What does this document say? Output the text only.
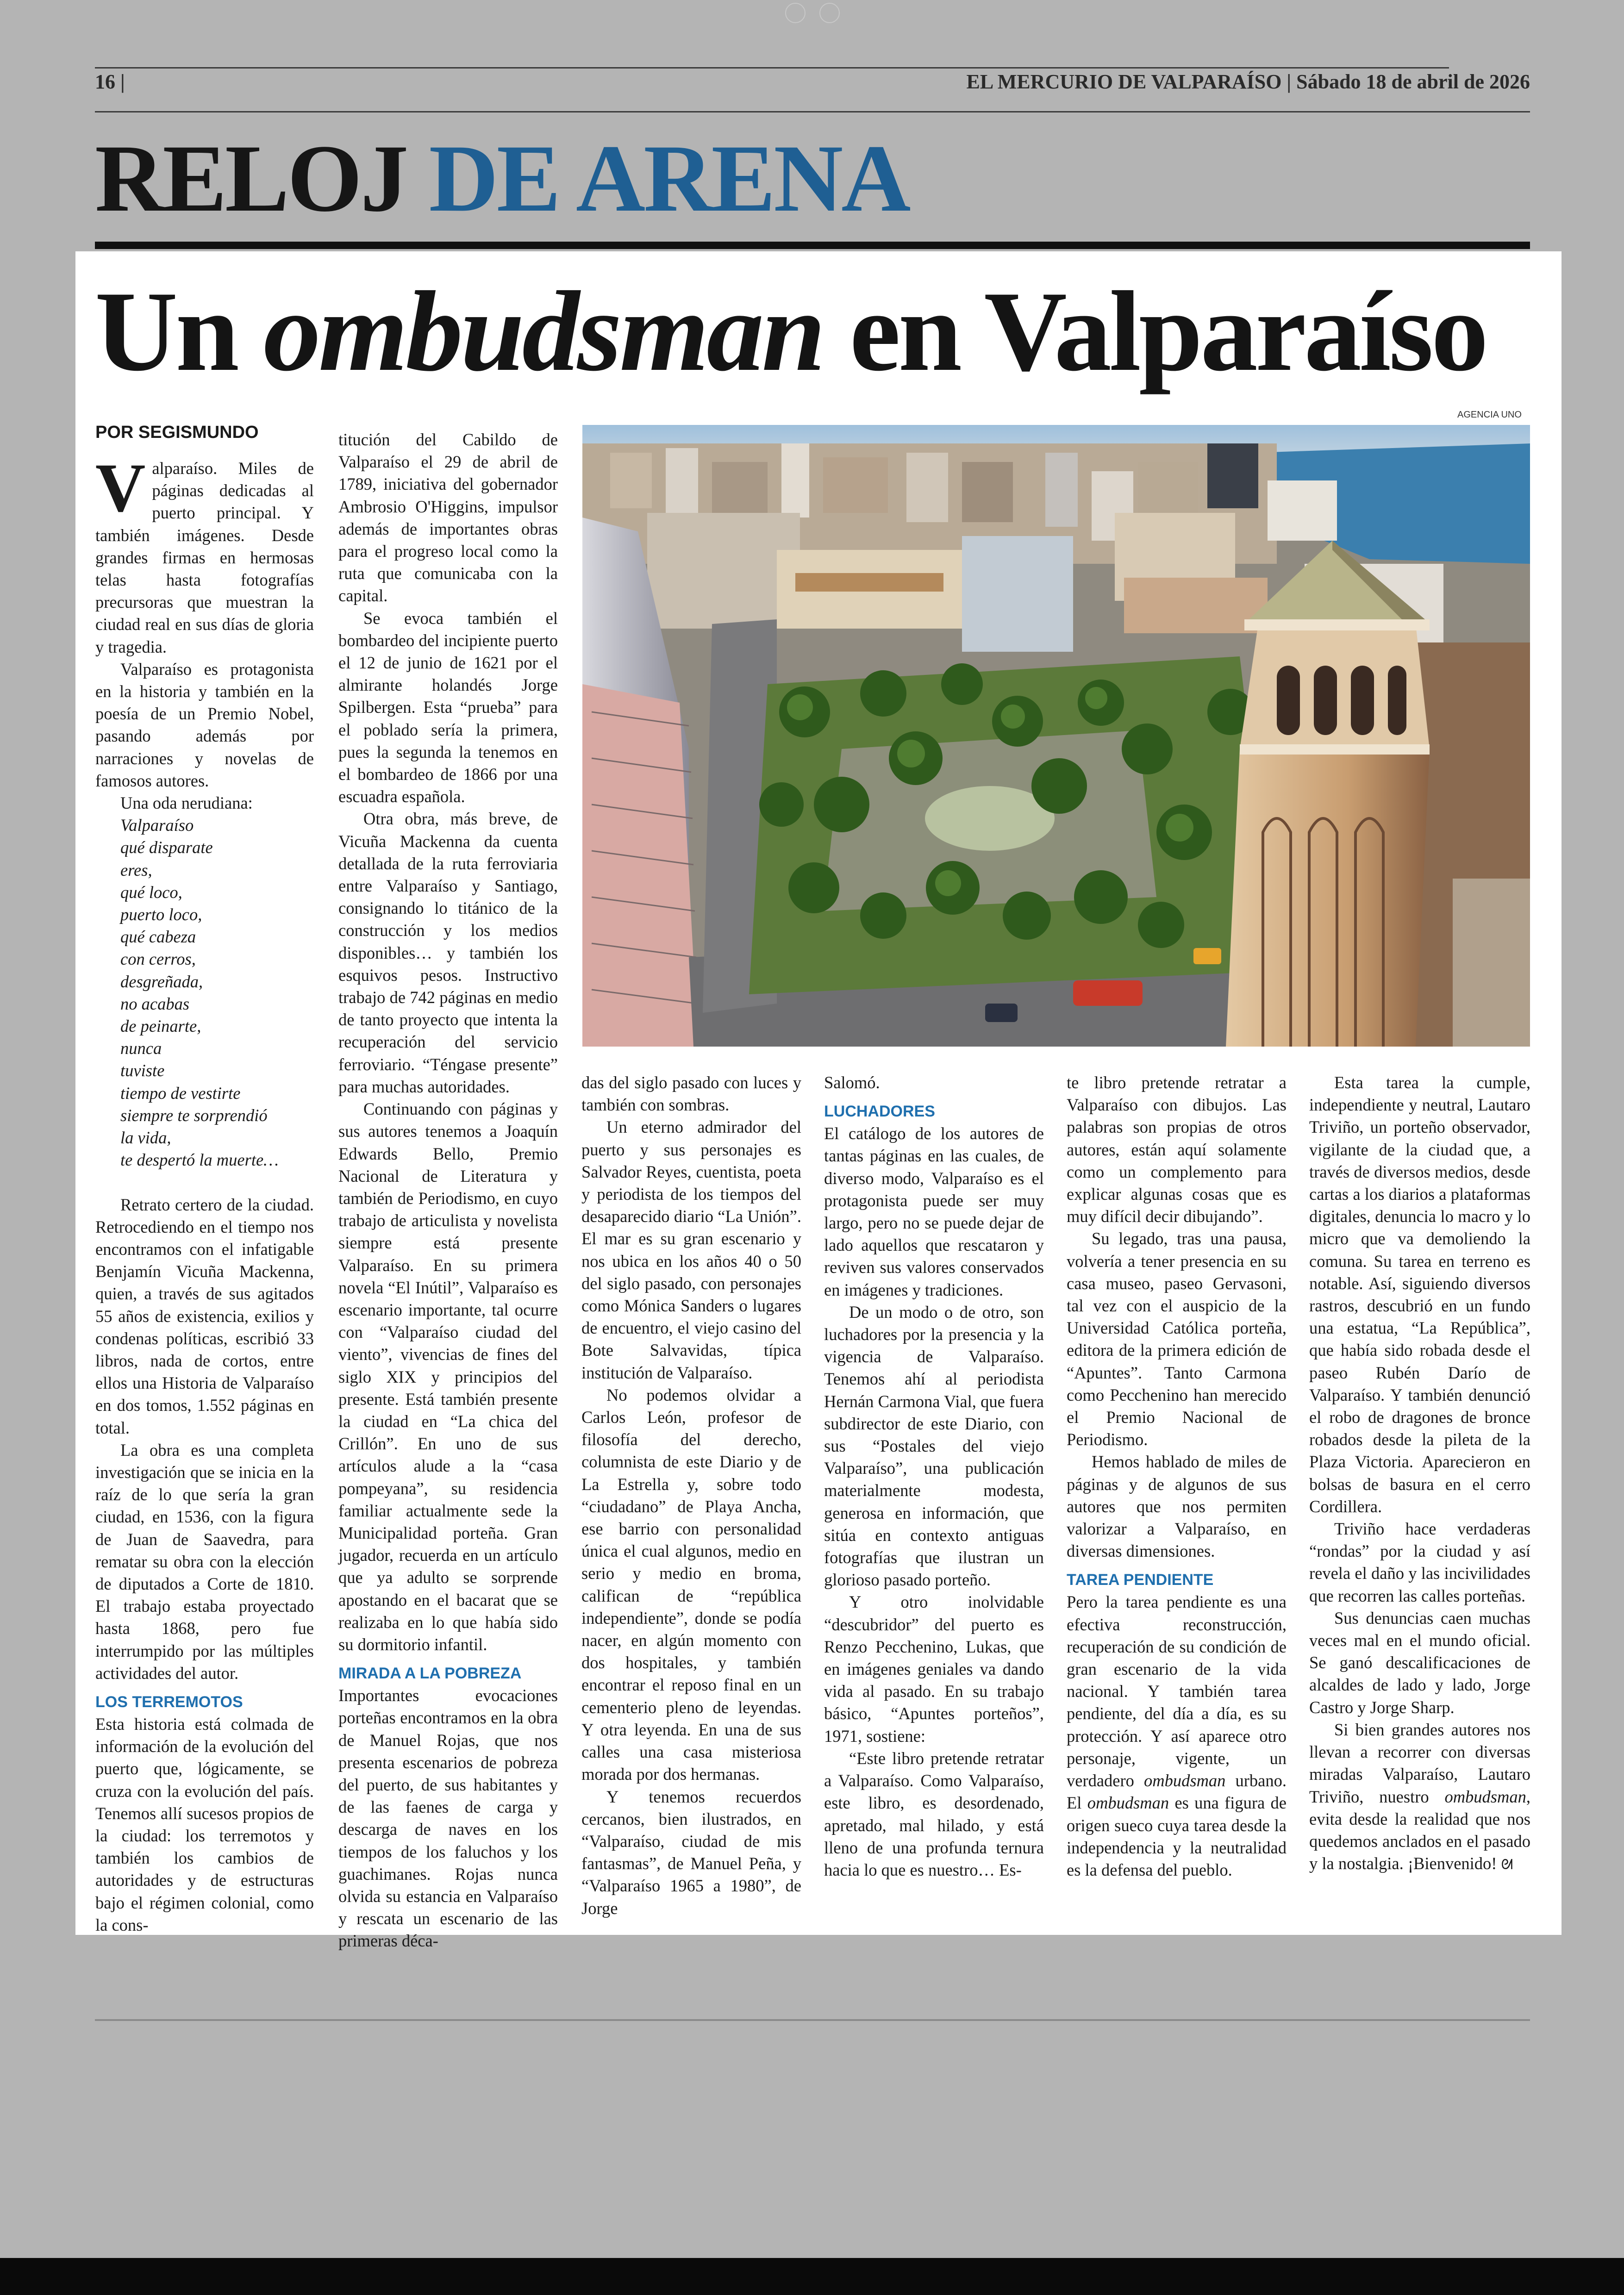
16 |	EL MERCURIO DE VALPARAÍSO | Sábado 18 de abril de 2026
RELOJ DE ARENA
Un ombudsman en Valparaíso
AGENCIA UNO
POR SEGISMUNDO

Valparaíso. Miles de páginas dedicadas al puerto principal. Y también imágenes. Desde grandes firmas en hermosas telas hasta fotografías precursoras que muestran la ciudad real en sus días de gloria y tragedia.

Valparaíso es protagonista en la historia y también en la poesía de un Premio Nobel, pasando además por narraciones y novelas de famosos autores.

Una oda nerudiana:

Valparaíso
qué disparate
eres,
qué loco,
puerto loco,
qué cabeza
con cerros,
desgreñada,
no acabas
de peinarte,
nunca
tuviste
tiempo de vestirte
siempre te sorprendió
la vida,
te despertó la muerte…

Retrato certero de la ciudad. Retrocediendo en el tiempo nos encontramos con el infatigable Benjamín Vicuña Mackenna, quien, a través de sus agitados 55 años de existencia, exilios y condenas políticas, escribió 33 libros, nada de cortos, entre ellos una Historia de Valparaíso en dos tomos, 1.552 páginas en total.

La obra es una completa investigación que se inicia en la raíz de lo que sería la gran ciudad, en 1536, con la figura de Juan de Saavedra, para rematar su obra con la elección de diputados a Corte de 1810. El trabajo estaba proyectado hasta 1868, pero fue interrumpido por las múltiples actividades del autor.

LOS TERREMOTOS

Esta historia está colmada de información de la evolución del puerto que, lógicamente, se cruza con la evolución del país. Tenemos allí sucesos propios de la ciudad: los terremotos y también los cambios de autoridades y de estructuras bajo el régimen colonial, como la cons-

titución del Cabildo de Valparaíso el 29 de abril de 1789, iniciativa del gobernador Ambrosio O'Higgins, impulsor además de importantes obras para el progreso local como la ruta que comunicaba con la capital.

Se evoca también el bombardeo del incipiente puerto el 12 de junio de 1621 por el almirante holandés Jorge Spilbergen. Esta “prueba” para el poblado sería la primera, pues la segunda la tenemos en el bombardeo de 1866 por una escuadra española.

Otra obra, más breve, de Vicuña Mackenna da cuenta detallada de la ruta ferroviaria entre Valparaíso y Santiago, consignando lo titánico de la construcción y los medios disponibles… y también los esquivos pesos. Instructivo trabajo de 742 páginas en medio de tanto proyecto que intenta la recuperación del servicio ferroviario. “Téngase presente” para muchas autoridades.

Continuando con páginas y sus autores tenemos a Joaquín Edwards Bello, Premio Nacional de Literatura y también de Periodismo, en cuyo trabajo de articulista y novelista siempre está presente Valparaíso. En su primera novela “El Inútil”, Valparaíso es escenario importante, tal ocurre con “Valparaíso ciudad del viento”, vivencias de fines del siglo XIX y principios del presente. Está también presente la ciudad en “La chica del Crillón”. En uno de sus artículos alude a la “casa pompeyana”, su residencia familiar actualmente sede la Municipalidad porteña. Gran jugador, recuerda en un artículo que ya adulto se sorprende apostando en el bacarat que se realizaba en lo que había sido su dormitorio infantil.

MIRADA A LA POBREZA

Importantes evocaciones porteñas encontramos en la obra de Manuel Rojas, que nos presenta escenarios de pobreza del puerto, de sus habitantes y de las faenes de carga y descarga de naves en los tiempos de los faluchos y los guachimanes. Rojas nunca olvida su estancia en Valparaíso y rescata un escenario de las primeras déca-

das del siglo pasado con luces y también con sombras.

Un eterno admirador del puerto y sus personajes es Salvador Reyes, cuentista, poeta y periodista de los tiempos del desaparecido diario “La Unión”. El mar es su gran escenario y nos ubica en los años 40 o 50 del siglo pasado, con personajes como Mónica Sanders o lugares de encuentro, el viejo casino del Bote Salvavidas, típica institución de Valparaíso.

No podemos olvidar a Carlos León, profesor de filosofía del derecho, columnista de este Diario y de La Estrella y, sobre todo “ciudadano” de Playa Ancha, ese barrio con personalidad única el cual algunos, medio en serio y medio en broma, califican de “república independiente”, donde se podía nacer, en algún momento con dos hospitales, y también encontrar el reposo final en un cementerio pleno de leyendas. Y otra leyenda. En una de sus calles una casa misteriosa morada por dos hermanas.

Y tenemos recuerdos cercanos, bien ilustrados, en “Valparaíso, ciudad de mis fantasmas”, de Manuel Peña, y “Valparaíso 1965 a 1980”, de Jorge

Salomó.

LUCHADORES

El catálogo de los autores de tantas páginas en las cuales, de diverso modo, Valparaíso es el protagonista puede ser muy largo, pero no se puede dejar de lado aquellos que rescataron y reviven sus valores conservados en imágenes y tradiciones.

De un modo o de otro, son luchadores por la presencia y la vigencia de Valparaíso. Tenemos ahí al periodista Hernán Carmona Vial, que fuera subdirector de este Diario, con sus “Postales del viejo Valparaíso”, una publicación materialmente modesta, generosa en información, que sitúa en contexto antiguas fotografías que ilustran un glorioso pasado porteño.

Y otro inolvidable “descubridor” del puerto es Renzo Pecchenino, Lukas, que en imágenes geniales va dando vida al pasado. En su trabajo básico, “Apuntes porteños”, 1971, sostiene:

“Este libro pretende retratar a Valparaíso. Como Valparaíso, este libro, es desordenado, apretado, mal hilado, y está lleno de una profunda ternura hacia lo que es nuestro… Es-

te libro pretende retratar a Valparaíso con dibujos. Las palabras son propias de otros autores, están aquí solamente como un complemento para explicar algunas cosas que es muy difícil decir dibujando”.

Su legado, tras una pausa, volvería a tener presencia en su casa museo, paseo Gervasoni, tal vez con el auspicio de la Universidad Católica porteña, editora de la primera edición de “Apuntes”. Tanto Carmona como Pecchenino han merecido el Premio Nacional de Periodismo.

Hemos hablado de miles de páginas y de algunos de sus autores que nos permiten valorizar a Valparaíso, en diversas dimensiones.

TAREA PENDIENTE

Pero la tarea pendiente es una efectiva reconstrucción, recuperación de su condición de gran escenario de la vida nacional. Y también tarea pendiente, del día a día, es su protección. Y así aparece otro personaje, vigente, un verdadero ombudsman urbano. El ombudsman es una figura de origen sueco cuya tarea desde la independencia y la neutralidad es la defensa del pueblo.

Esta tarea la cumple, independiente y neutral, Lautaro Triviño, un porteño observador, vigilante de la ciudad que, a través de diversos medios, desde cartas a los diarios a plataformas digitales, denuncia lo macro y lo micro que va demoliendo la comuna. Su tarea en terreno es notable. Así, siguiendo diversos rastros, descubrió en un fundo una estatua, “La República”, que había sido robada desde el paseo Rubén Darío de Valparaíso. Y también denunció el robo de dragones de bronce robados desde la pileta de la Plaza Victoria. Aparecieron en bolsas de basura en el cerro Cordillera.

Triviño hace verdaderas “rondas” por la ciudad y así revela el daño y las incivilidades que recorren las calles porteñas.

Sus denuncias caen muchas veces mal en el mundo oficial. Se ganó descalificaciones de alcaldes de lado y lado, Jorge Castro y Jorge Sharp.

Si bien grandes autores nos llevan a recorrer con diversas miradas Valparaíso, Lautaro Triviño, nuestro ombudsman, evita desde la realidad que nos quedemos anclados en el pasado y la nostalgia. ¡Bienvenido! ᘛ
